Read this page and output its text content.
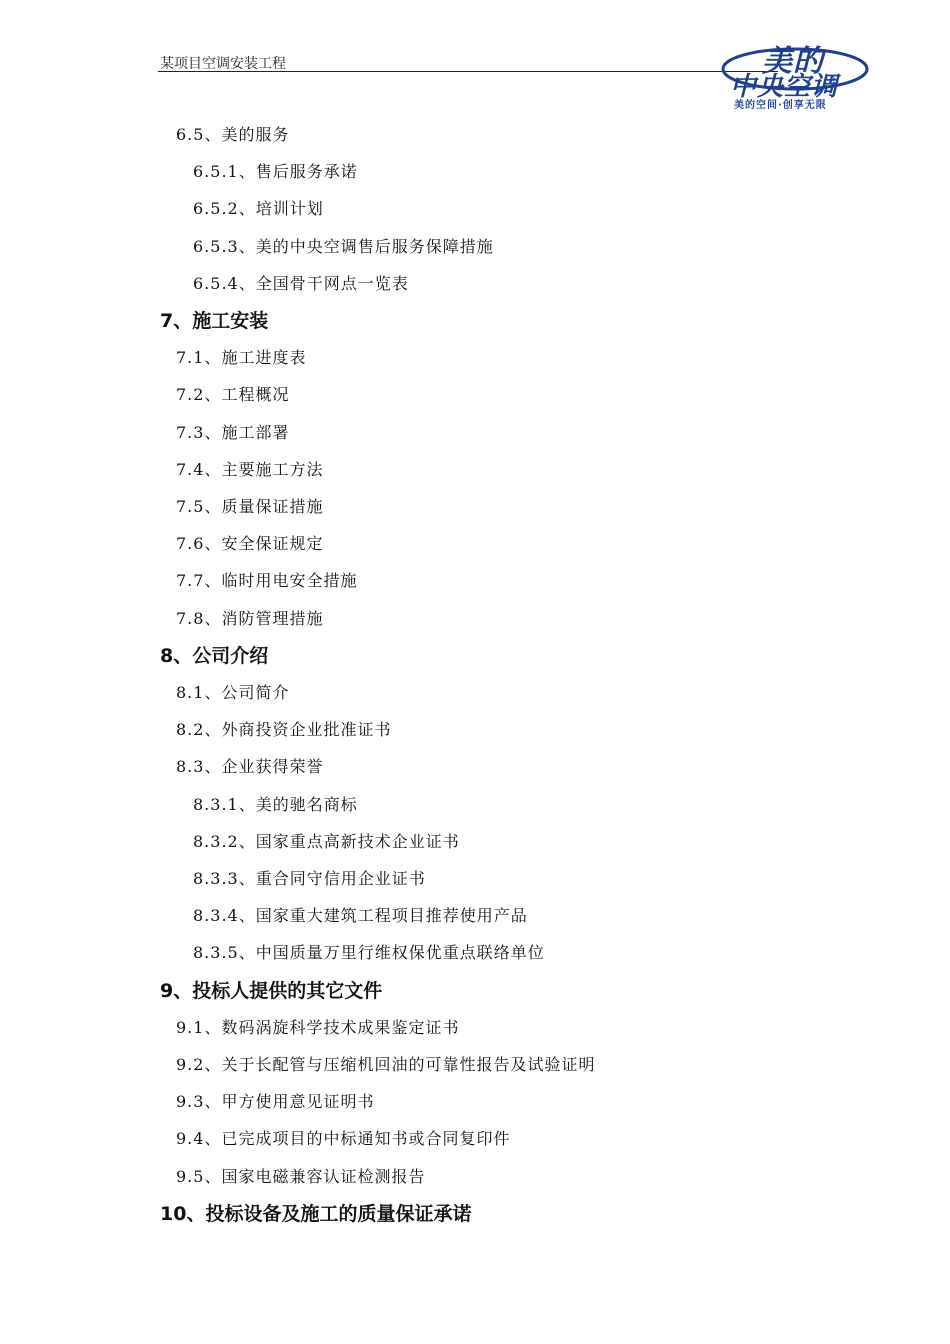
某项目空调安装工程	美的
中央空调
美的空间·创享无限
6.5、美的服务
6.5.1、售后服务承诺
6.5.2、培训计划
6.5.3、美的中央空调售后服务保障措施
6.5.4、全国骨干网点一览表
7、施工安装
7.1、施工进度表
7.2、工程概况
7.3、施工部署
7.4、主要施工方法
7.5、质量保证措施
7.6、安全保证规定
7.7、临时用电安全措施
7.8、消防管理措施
8、公司介绍
8.1、公司简介
8.2、外商投资企业批准证书
8.3、企业获得荣誉
8.3.1、美的驰名商标
8.3.2、国家重点高新技术企业证书
8.3.3、重合同守信用企业证书
8.3.4、国家重大建筑工程项目推荐使用产品
8.3.5、中国质量万里行维权保优重点联络单位
9、投标人提供的其它文件
9.1、数码涡旋科学技术成果鉴定证书
9.2、关于长配管与压缩机回油的可靠性报告及试验证明
9.3、甲方使用意见证明书
9.4、已完成项目的中标通知书或合同复印件
9.5、国家电磁兼容认证检测报告
10、投标设备及施工的质量保证承诺
